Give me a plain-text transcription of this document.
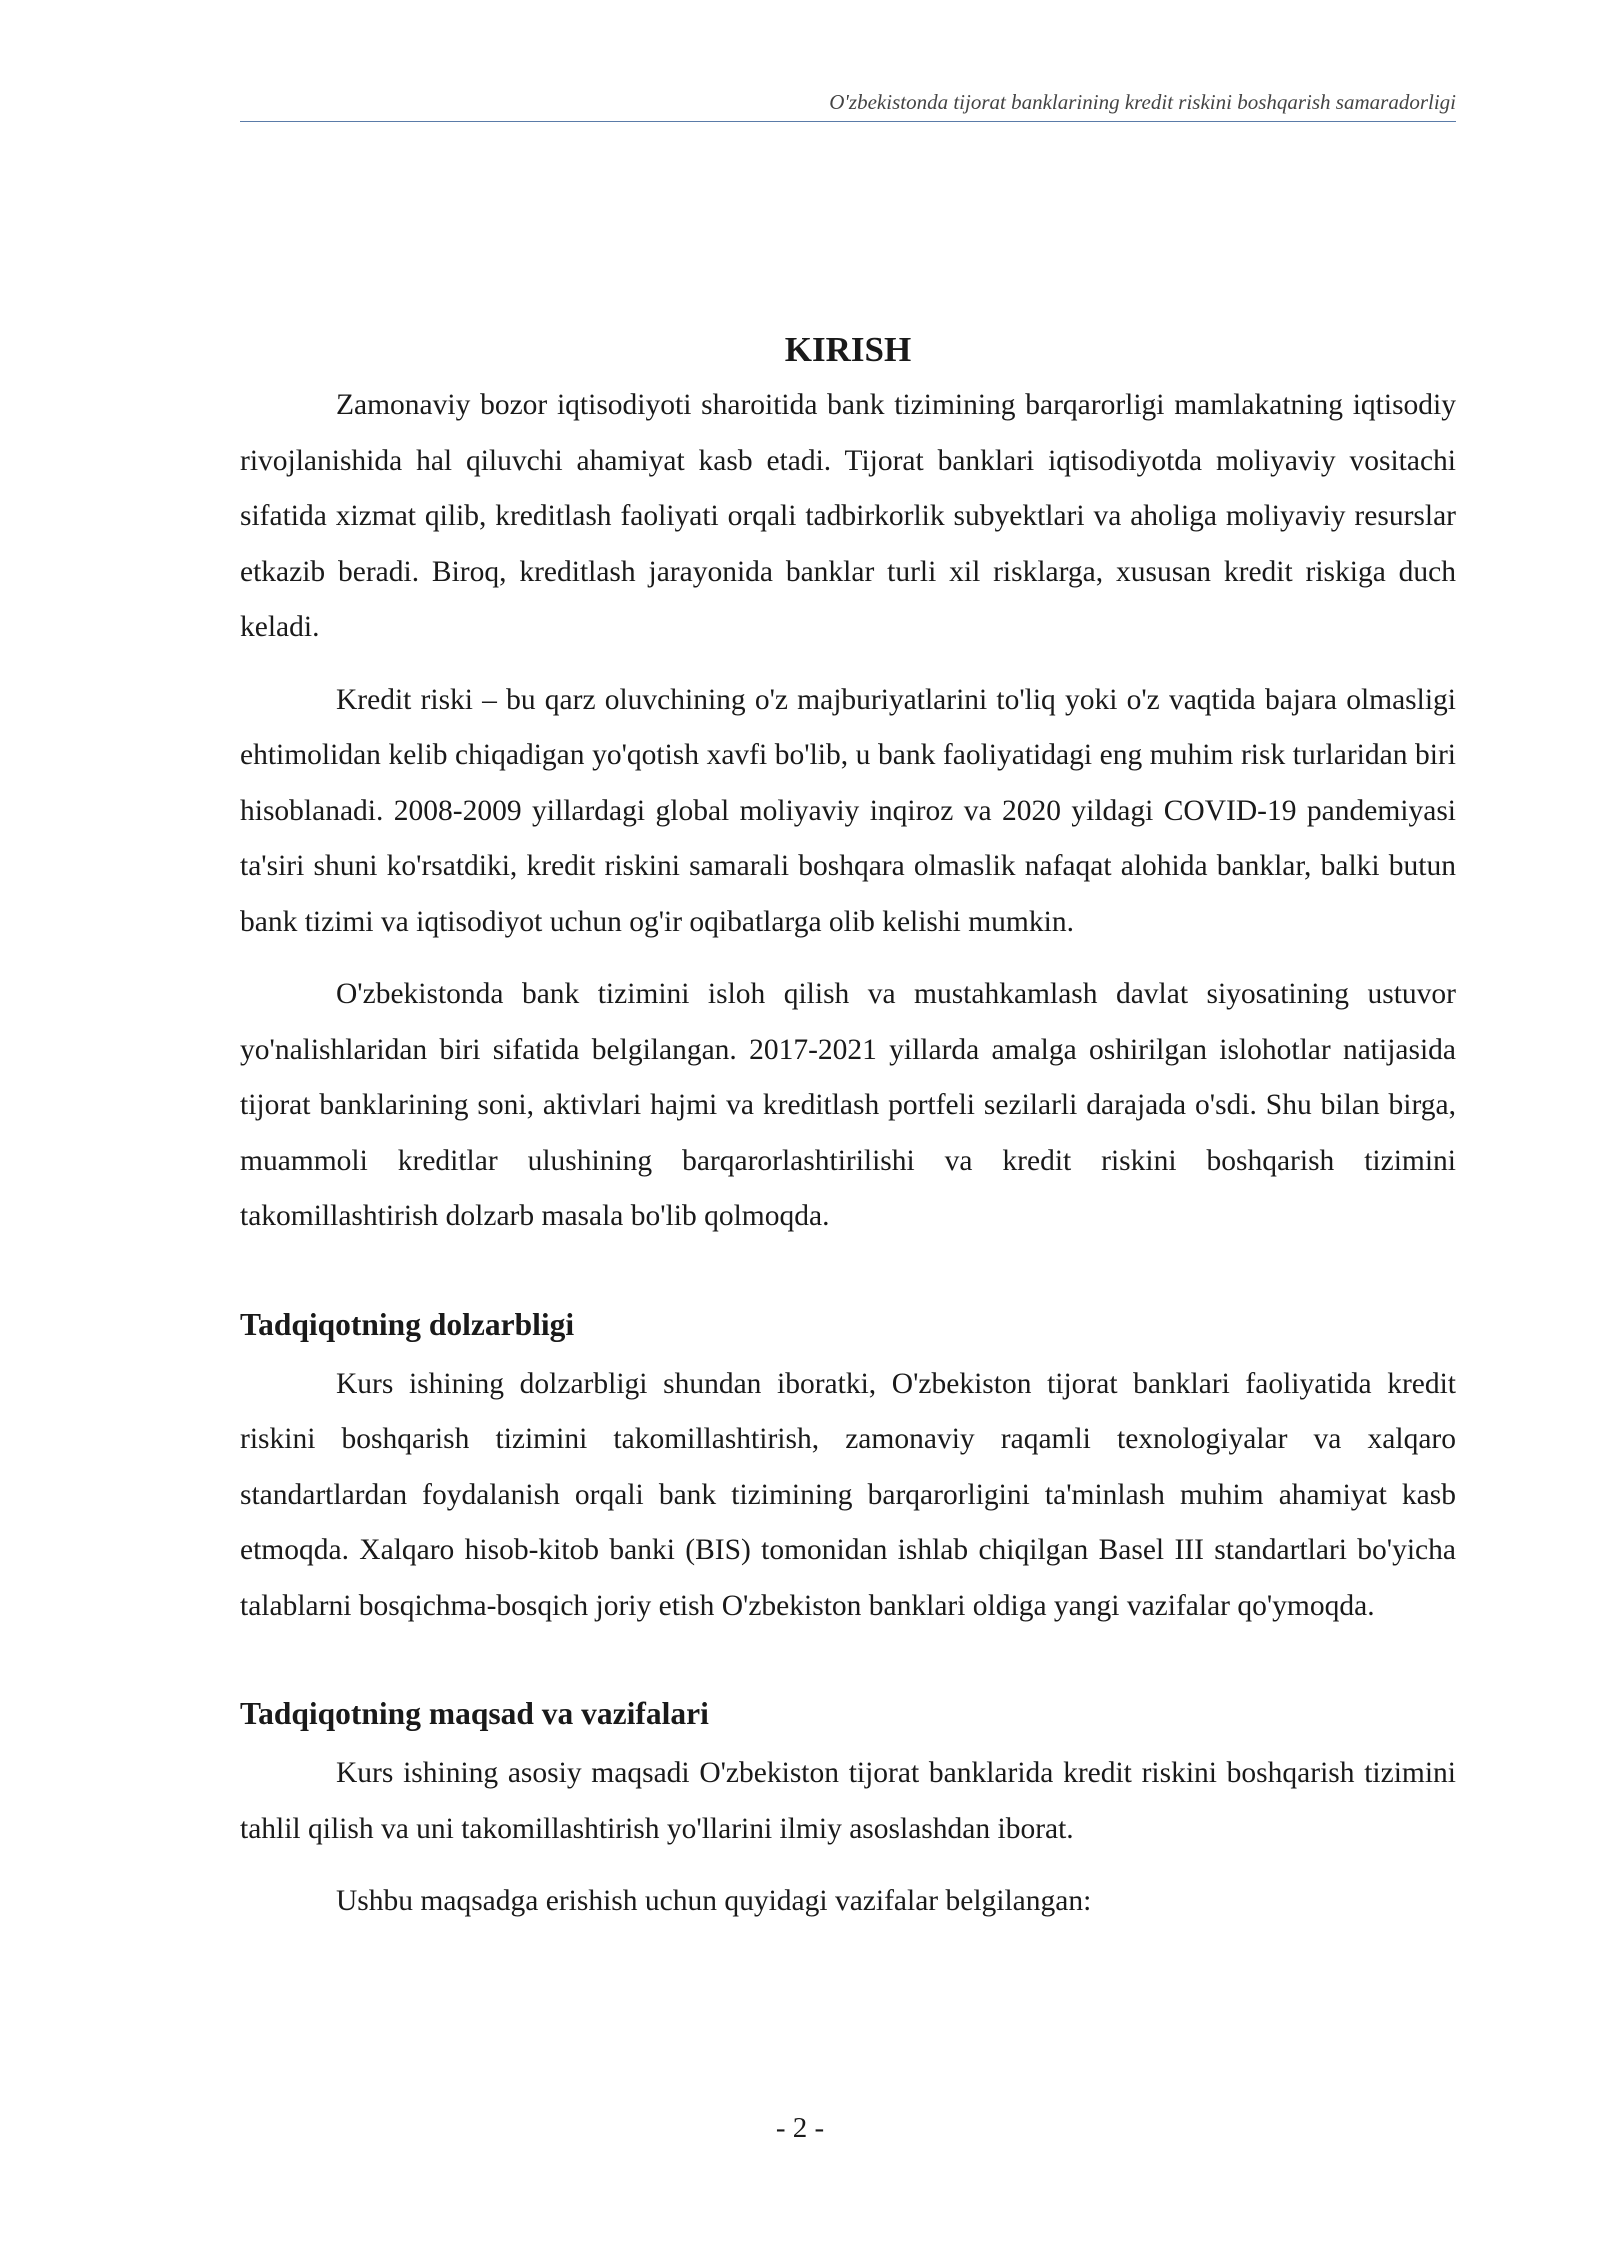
O'zbekistonda tijorat banklarining kredit riskini boshqarish samaradorligi
KIRISH

Zamonaviy bozor iqtisodiyoti sharoitida bank tizimining barqarorligi mamlakatning iqtisodiy rivojlanishida hal qiluvchi ahamiyat kasb etadi. Tijorat banklari iqtisodiyotda moliyaviy vositachi sifatida xizmat qilib, kreditlash faoliyati orqali tadbirkorlik subyektlari va aholiga moliyaviy resurslar etkazib beradi. Biroq, kreditlash jarayonida banklar turli xil risklarga, xususan kredit riskiga duch keladi.

Kredit riski – bu qarz oluvchining o'z majburiyatlarini to'liq yoki o'z vaqtida bajara olmasligi ehtimolidan kelib chiqadigan yo'qotish xavfi bo'lib, u bank faoliyatidagi eng muhim risk turlaridan biri hisoblanadi. 2008-2009 yillardagi global moliyaviy inqiroz va 2020 yildagi COVID-19 pandemiyasi ta'siri shuni ko'rsatdiki, kredit riskini samarali boshqara olmaslik nafaqat alohida banklar, balki butun bank tizimi va iqtisodiyot uchun og'ir oqibatlarga olib kelishi mumkin.

O'zbekistonda bank tizimini isloh qilish va mustahkamlash davlat siyosatining ustuvor yo'nalishlaridan biri sifatida belgilangan. 2017-2021 yillarda amalga oshirilgan islohotlar natijasida tijorat banklarining soni, aktivlari hajmi va kreditlash portfeli sezilarli darajada o'sdi. Shu bilan birga, muammoli kreditlar ulushining barqarorlashtirilishi va kredit riskini boshqarish tizimini takomillashtirish dolzarb masala bo'lib qolmoqda.

Tadqiqotning dolzarbligi

Kurs ishining dolzarbligi shundan iboratki, O'zbekiston tijorat banklari faoliyatida kredit riskini boshqarish tizimini takomillashtirish, zamonaviy raqamli texnologiyalar va xalqaro standartlardan foydalanish orqali bank tizimining barqarorligini ta'minlash muhim ahamiyat kasb etmoqda. Xalqaro hisob-kitob banki (BIS) tomonidan ishlab chiqilgan Basel III standartlari bo'yicha talablarni bosqichma-bosqich joriy etish O'zbekiston banklari oldiga yangi vazifalar qo'ymoqda.

Tadqiqotning maqsad va vazifalari

Kurs ishining asosiy maqsadi O'zbekiston tijorat banklarida kredit riskini boshqarish tizimini tahlil qilish va uni takomillashtirish yo'llarini ilmiy asoslashdan iborat.

Ushbu maqsadga erishish uchun quyidagi vazifalar belgilangan:

- 2 -
